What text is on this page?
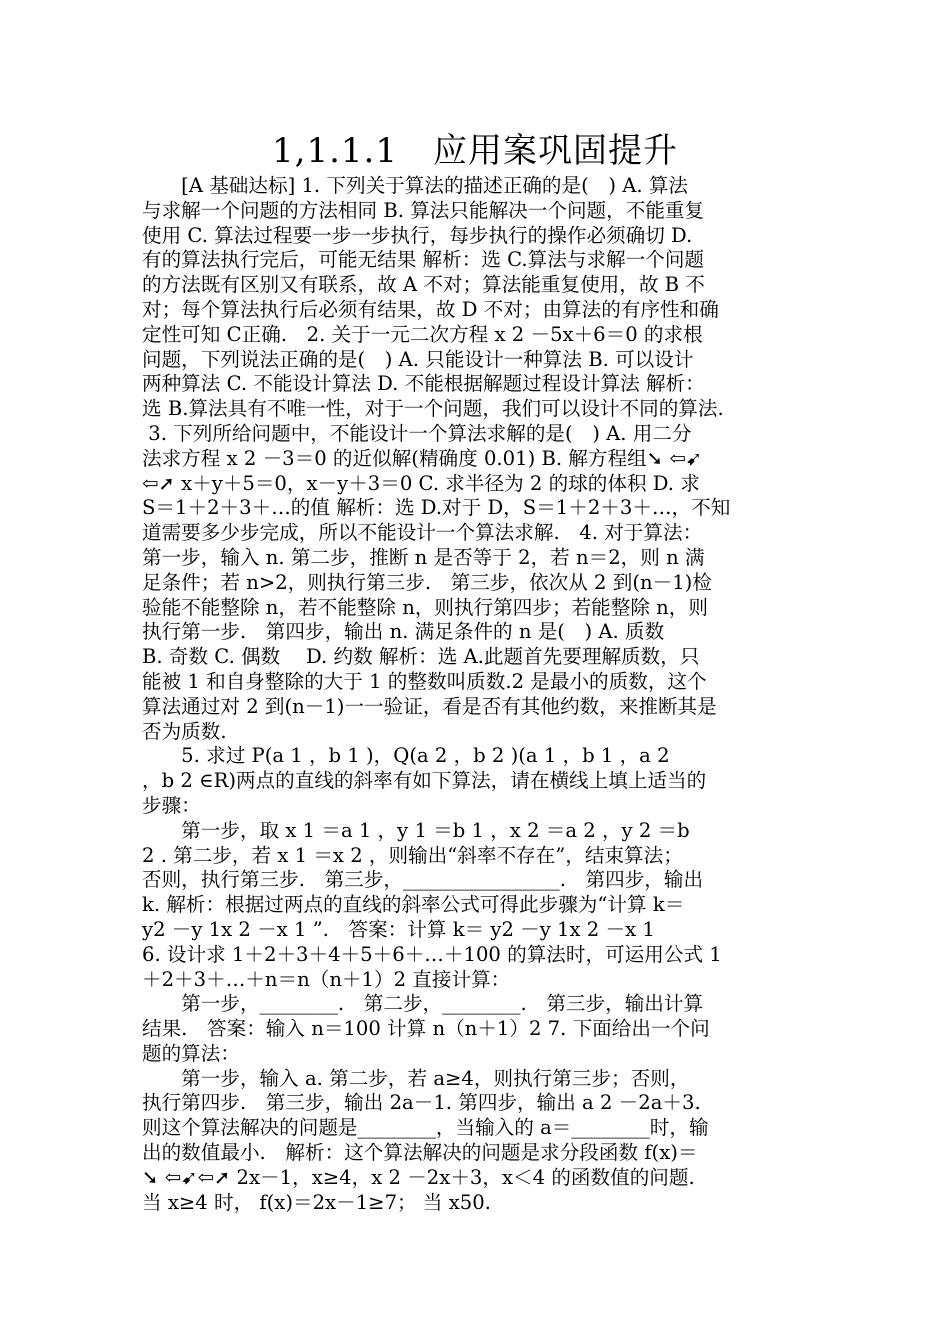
1,1.1.1　应用案巩固提升
　　[A 基础达标] 1. 下列关于算法的描述正确的是(　) A. 算法
与求解一个问题的方法相同 B. 算法只能解决一个问题，不能重复
使用 C. 算法过程要一步一步执行，每步执行的操作必须确切 D.
有的算法执行完后，可能无结果 解析：选 C.算法与求解一个问题
的方法既有区别又有联系，故 A 不对；算法能重复使用，故 B 不
对；每个算法执行后必须有结果，故 D 不对；由算法的有序性和确
定性可知 C正确.　2. 关于一元二次方程 x 2 －5x＋6＝0 的求根
问题，下列说法正确的是(　) A. 只能设计一种算法 B. 可以设计
两种算法 C. 不能设计算法 D. 不能根据解题过程设计算法 解析：
选 B.算法具有不唯一性，对于一个问题，我们可以设计不同的算法.
3. 下列所给问题中，不能设计一个算法求解的是(　) A. 用二分
法求方程 x 2 －3＝0 的近似解(精确度 0.01) B. 解方程组➘ ⇦➹
⇦➚ x＋y＋5＝0，x－y＋3＝0 C. 求半径为 2 的球的体积 D. 求
S＝1＋2＋3＋…的值 解析：选 D.对于 D，S＝1＋2＋3＋…，不知
道需要多少步完成，所以不能设计一个算法求解.　4. 对于算法：
第一步，输入 n. 第二步，推断 n 是否等于 2，若 n＝2，则 n 满
足条件；若 n>2，则执行第三步.　第三步，依次从 2 到(n－1)检
验能不能整除 n，若不能整除 n，则执行第四步；若能整除 n，则
执行第一步.　第四步，输出 n. 满足条件的 n 是(　) A. 质数
B. 奇数 C. 偶数　 D. 约数 解析：选 A.此题首先要理解质数，只
能被 1 和自身整除的大于 1 的整数叫质数.2 是最小的质数，这个
算法通过对 2 到(n－1)一一验证，看是否有其他约数，来推断其是
否为质数.
　　5. 求过 P(a 1 ，b 1 )，Q(a 2 ，b 2 )(a 1 ，b 1 ，a 2
，b 2 ∈R)两点的直线的斜率有如下算法，请在横线上填上适当的
步骤：
　　第一步，取 x 1 ＝a 1 ，y 1 ＝b 1 ，x 2 ＝a 2 ，y 2 ＝b
2 . 第二步，若 x 1 ＝x 2 ，则输出“斜率不存在”，结束算法；
否则，执行第三步.　第三步，________________.　第四步，输出
k. 解析：根据过两点的直线的斜率公式可得此步骤为“计算 k＝
y2 －y 1x 2 －x 1 ”.　答案：计算 k＝ y2 －y 1x 2 －x 1
6. 设计求 1＋2＋3＋4＋5＋6＋…＋100 的算法时，可运用公式 1
＋2＋3＋…＋n＝n（n＋1）2 直接计算：
　　第一步，________.　第二步，________.　第三步，输出计算
结果.　答案：输入 n＝100 计算 n（n＋1）2 7. 下面给出一个问
题的算法：
　　第一步，输入 a. 第二步，若 a≥4，则执行第三步；否则，
执行第四步.　第三步，输出 2a－1. 第四步，输出 a 2 －2a＋3.
则这个算法解决的问题是________，当输入的 a＝________时，输
出的数值最小.　解析：这个算法解决的问题是求分段函数 f(x)＝
➘ ⇦➹⇦➚ 2x－1，x≥4，x 2 －2x＋3，x＜4 的函数值的问题.
当 x≥4 时， f(x)＝2x－1≥7； 当 x50.
